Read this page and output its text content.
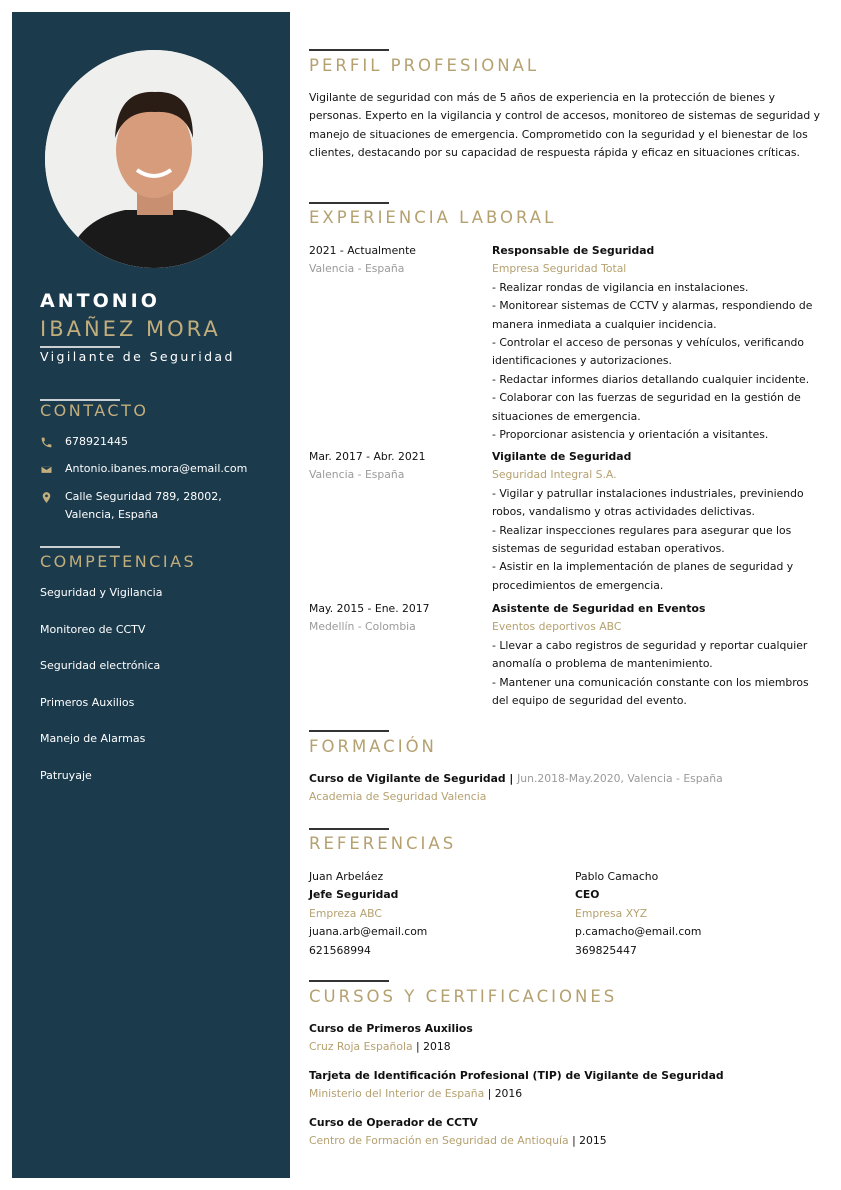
ANTONIO
IBAÑEZ MORA
Vigilante de Seguridad
CONTACTO
678921445
Antonio.ibanes.mora@email.com
Calle Seguridad 789, 28002,
Valencia, España
COMPETENCIAS
Seguridad y Vigilancia
Monitoreo de CCTV
Seguridad electrónica
Primeros Auxilios
Manejo de Alarmas
Patruyaje
PERFIL PROFESIONAL
Vigilante de seguridad con más de 5 años de experiencia en la protección de bienes y personas. Experto en la vigilancia y control de accesos, monitoreo de sistemas de seguridad y manejo de situaciones de emergencia. Comprometido con la seguridad y el bienestar de los clientes, destacando por su capacidad de respuesta rápida y eficaz en situaciones críticas.
EXPERIENCIA LABORAL
2021 - Actualmente
Valencia - España
Responsable de Seguridad
Empresa Seguridad Total
- Realizar rondas de vigilancia en instalaciones.
- Monitorear sistemas de CCTV y alarmas, respondiendo de manera inmediata a cualquier incidencia.
- Controlar el acceso de personas y vehículos, verificando identificaciones y autorizaciones.
- Redactar informes diarios detallando cualquier incidente.
- Colaborar con las fuerzas de seguridad en la gestión de situaciones de emergencia.
- Proporcionar asistencia y orientación a visitantes.
Mar. 2017 - Abr. 2021
Valencia - España
Vigilante de Seguridad
Seguridad Integral S.A.
- Vigilar y patrullar instalaciones industriales, previniendo robos, vandalismo y otras actividades delictivas.
- Realizar inspecciones regulares para asegurar que los sistemas de seguridad estaban operativos.
- Asistir en la implementación de planes de seguridad y procedimientos de emergencia.
May. 2015 - Ene. 2017
Medellín - Colombia
Asistente de Seguridad en Eventos
Eventos deportivos ABC
- Llevar a cabo registros de seguridad y reportar cualquier anomalía o problema de mantenimiento.
- Mantener una comunicación constante con los miembros del equipo de seguridad del evento.
FORMACIÓN
Curso de Vigilante de Seguridad | Jun.2018-May.2020, Valencia - España
Academia de Seguridad Valencia
REFERENCIAS
Juan Arbeláez
Jefe Seguridad
Empreza ABC
juana.arb@email.com
621568994
Pablo Camacho
CEO
Empresa XYZ
p.camacho@email.com
369825447
CURSOS Y CERTIFICACIONES
Curso de Primeros Auxilios
Cruz Roja Española | 2018
Tarjeta de Identificación Profesional (TIP) de Vigilante de Seguridad
Ministerio del Interior de España | 2016
Curso de Operador de CCTV
Centro de Formación en Seguridad de Antioquía | 2015
